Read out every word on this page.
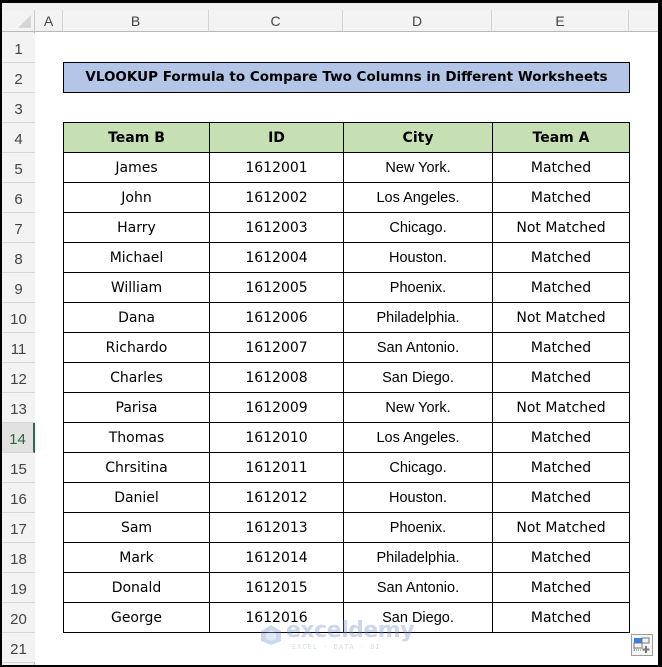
A	B	C	D	E
1
2
3
4
5
6
7
8
9
10
11
12
13
14
15
16
17
18
19
20
21
VLOOKUP Formula to Compare Two Columns in Different Worksheets
Team B	ID	City	Team A
James	1612001	New York.	Matched
John	1612002	Los Angeles.	Matched
Harry	1612003	Chicago.	Not Matched
Michael	1612004	Houston.	Matched
William	1612005	Phoenix.	Matched
Dana	1612006	Philadelphia.	Not Matched
Richardo	1612007	San Antonio.	Matched
Charles	1612008	San Diego.	Matched
Parisa	1612009	New York.	Not Matched
Thomas	1612010	Los Angeles.	Matched
Chrsitina	1612011	Chicago.	Matched
Daniel	1612012	Houston.	Matched
Sam	1612013	Phoenix.	Not Matched
Mark	1612014	Philadelphia.	Matched
Donald	1612015	San Antonio.	Matched
George	1612016	San Diego.	Matched
exceldemy
EXCEL · DATA · BI
